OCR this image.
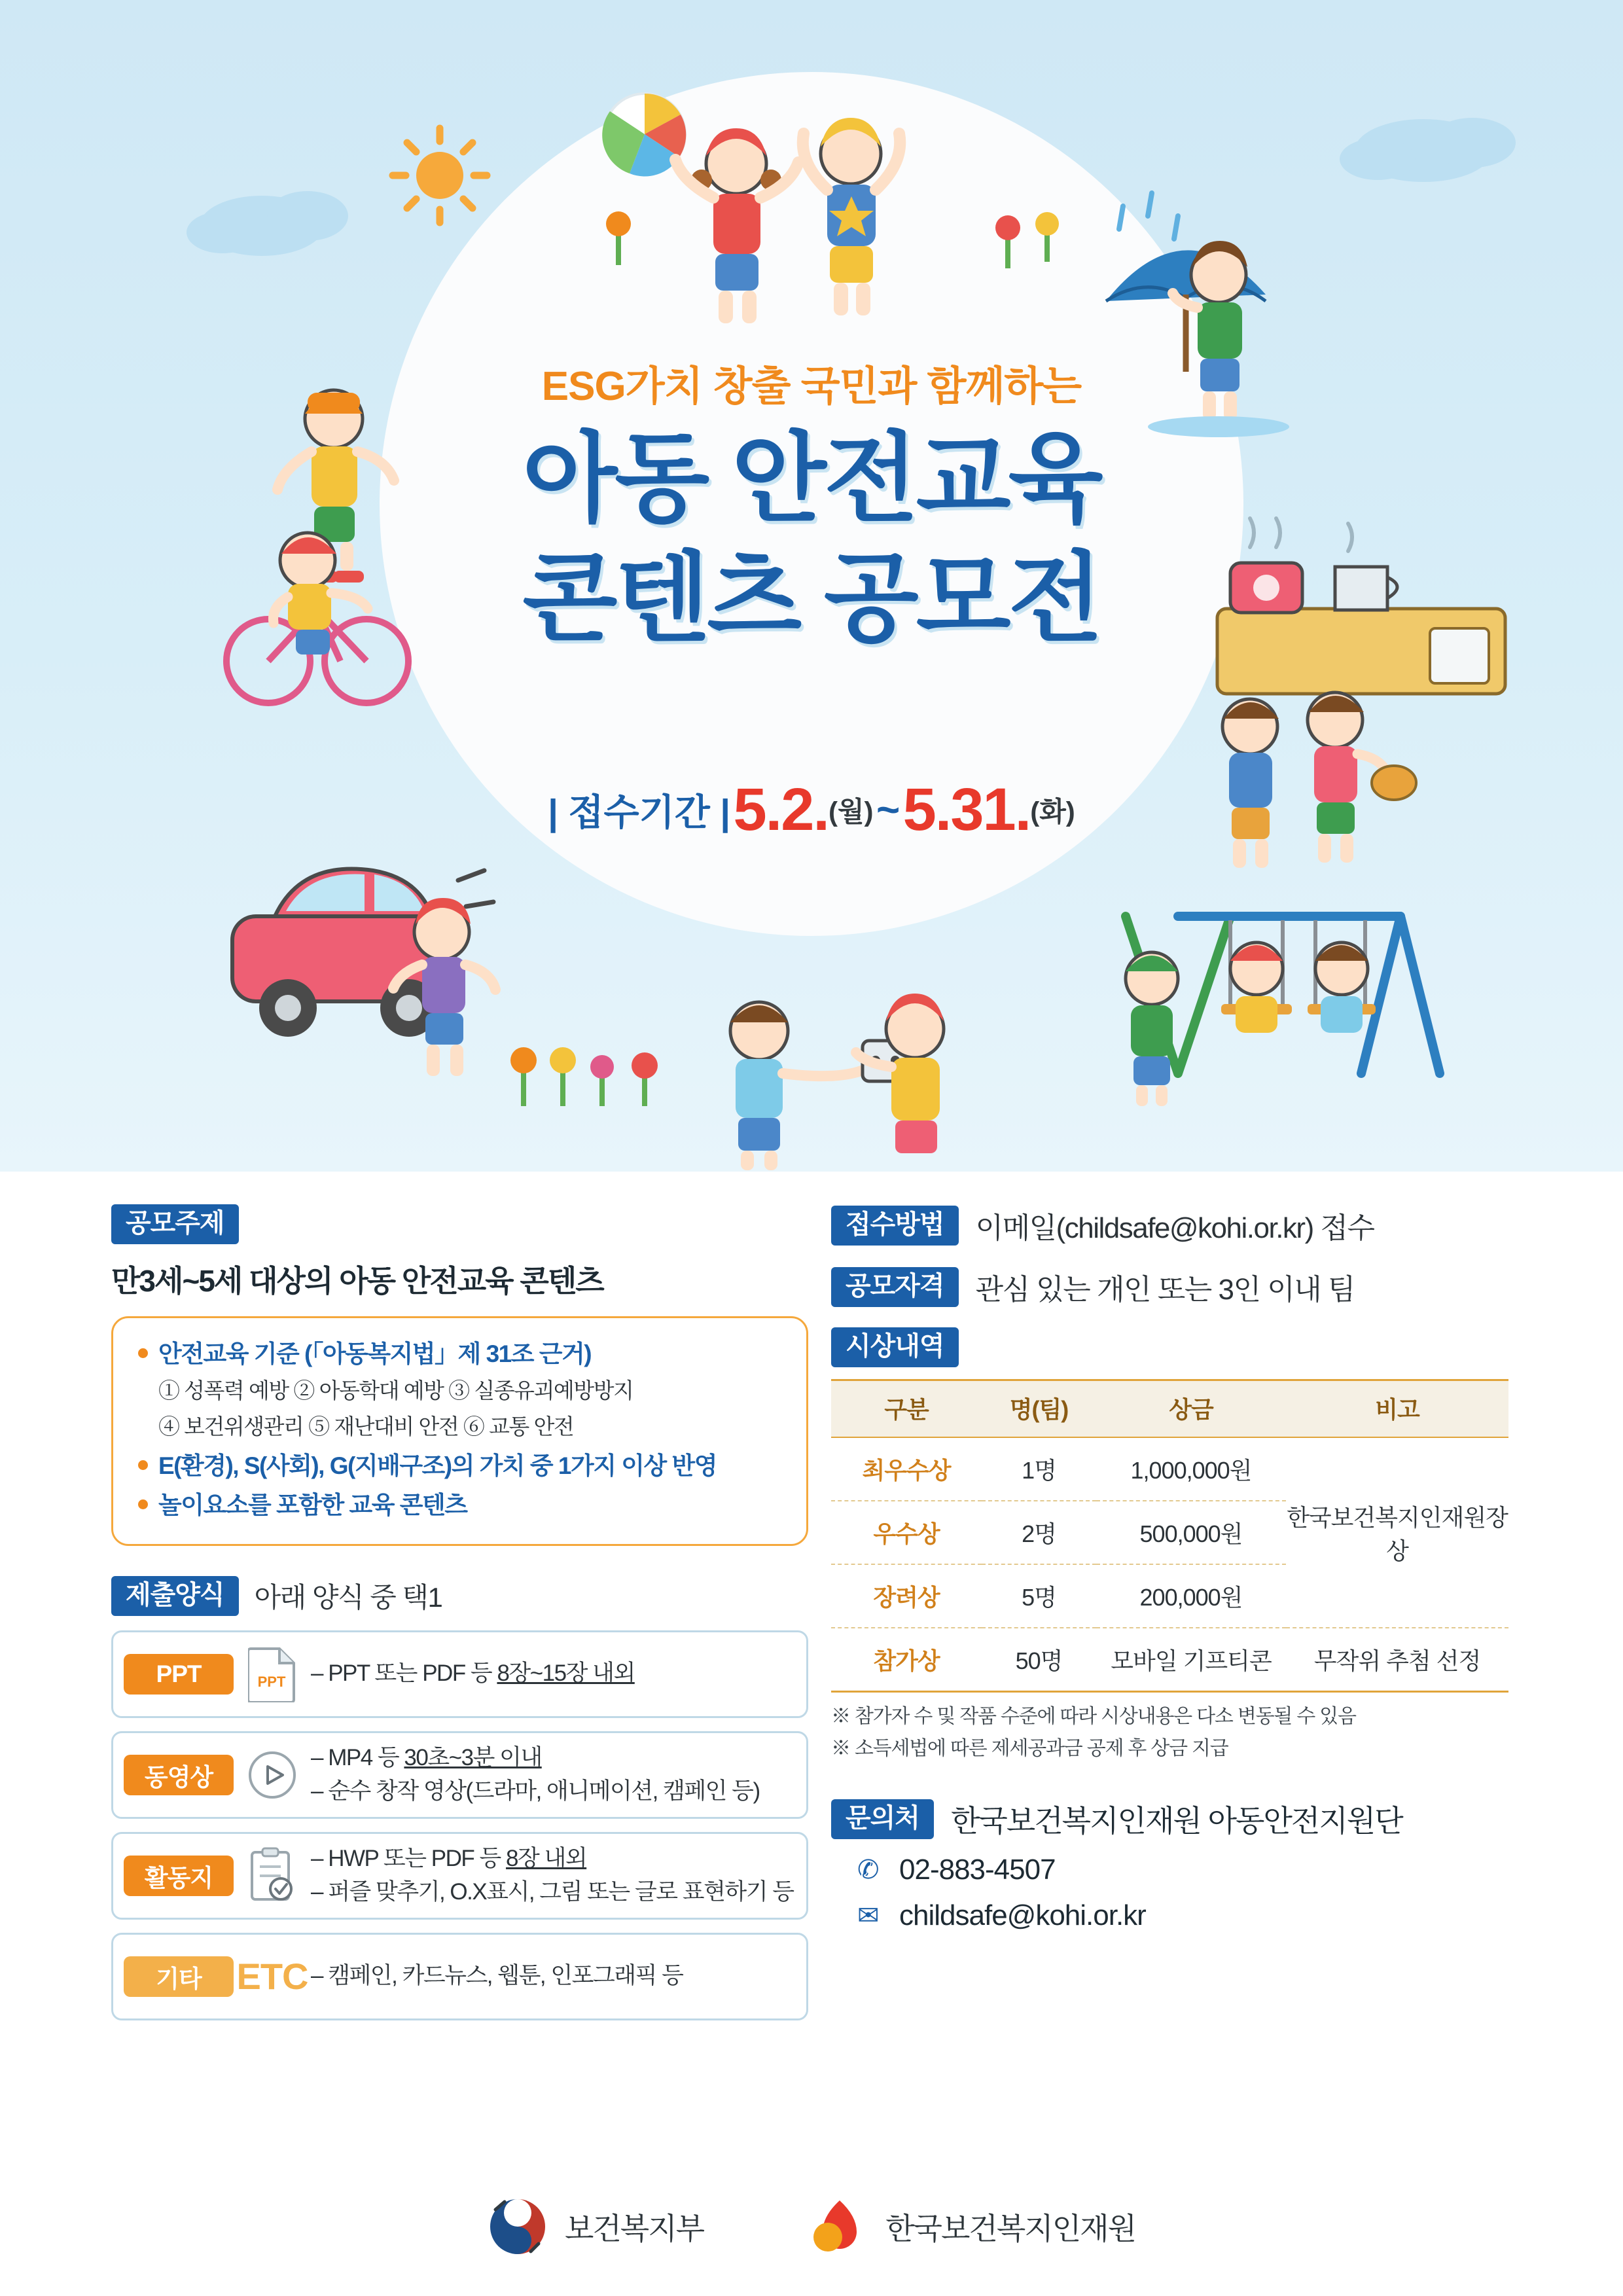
ESG가치 창출 국민과 함께하는
아동 안전교육
콘텐츠 공모전
| 접수기간 | 5.2.(월) ~ 5.31.(화)
공모주제
만3세~5세 대상의 아동 안전교육 콘텐츠
안전교육 기준 (「아동복지법」제 31조 근거)
① 성폭력 예방 ② 아동학대 예방 ③ 실종유괴예방방지
④ 보건위생관리 ⑤ 재난대비 안전 ⑥ 교통 안전
E(환경), S(사회), G(지배구조)의 가치 중 1가지 이상 반영
놀이요소를 포함한 교육 콘텐츠
제출양식	아래 양식 중 택1
PPT	PPT – PPT 또는 PDF 등 8장~15장 내외
동영상
– MP4 등 30초~3분 이내
– 순수 창작 영상(드라마, 애니메이션, 캠페인 등)
활동지
– HWP 또는 PDF 등 8장 내외
– 퍼즐 맞추기, O.X표시, 그림 또는 글로 표현하기 등
기타 ETC – 캠페인, 카드뉴스, 웹툰, 인포그래픽 등
접수방법	이메일(childsafe@kohi.or.kr) 접수
공모자격	관심 있는 개인 또는 3인 이내 팀
시상내역
구분	명(팀)	상금	비고
최우수상	1명	1,000,000원	한국보건복지인재원장상
우수상	2명	500,000원	
장려상	5명	200,000원	
참가상	50명	모바일 기프티콘	무작위 추첨 선정
※ 참가자 수 및 작품 수준에 따라 시상내용은 다소 변동될 수 있음
※ 소득세법에 따른 제세공과금 공제 후 상금 지급
문의처	한국보건복지인재원 아동안전지원단
✆ 02-883-4507
✉ childsafe@kohi.or.kr
보건복지부	한국보건복지인재원
